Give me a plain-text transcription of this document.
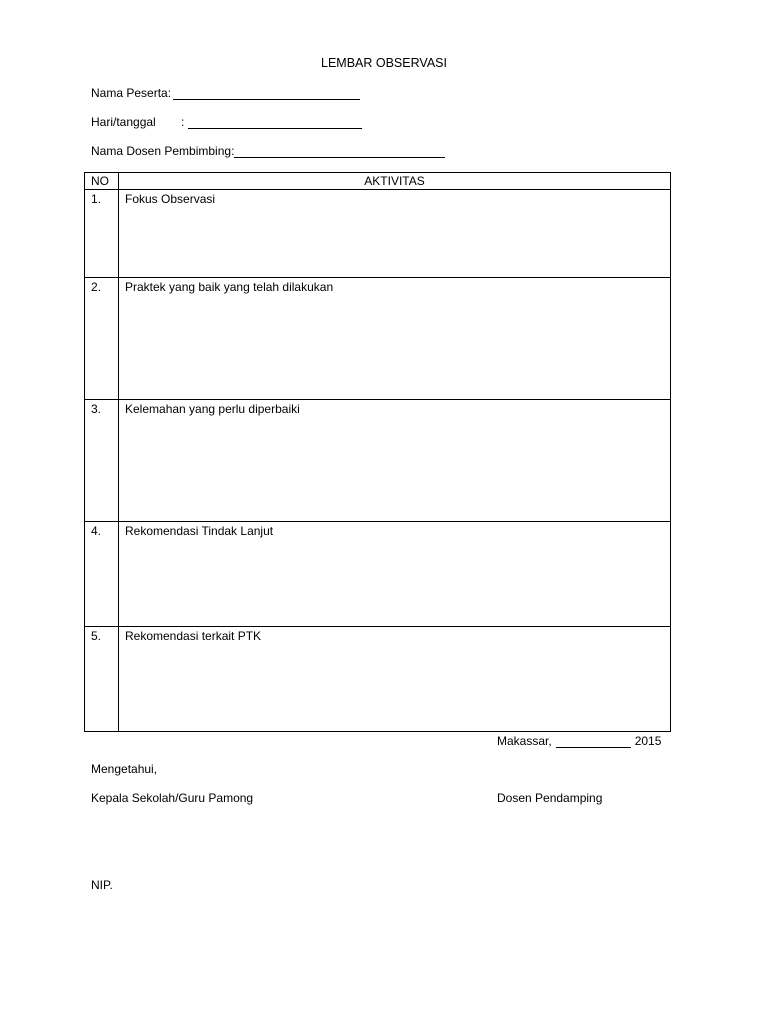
LEMBAR OBSERVASI
Nama Peserta:
Hari/tanggal :
Nama Dosen Pembimbing:
NO	AKTIVITAS
1.	Fokus Observasi
2.	Praktek yang baik yang telah dilakukan
3.	Kelemahan yang perlu diperbaiki
4.	Rekomendasi Tindak Lanjut
5.	Rekomendasi terkait PTK
Makassar,	2015
Mengetahui,
Kepala Sekolah/Guru Pamong	Dosen Pendamping
NIP.
